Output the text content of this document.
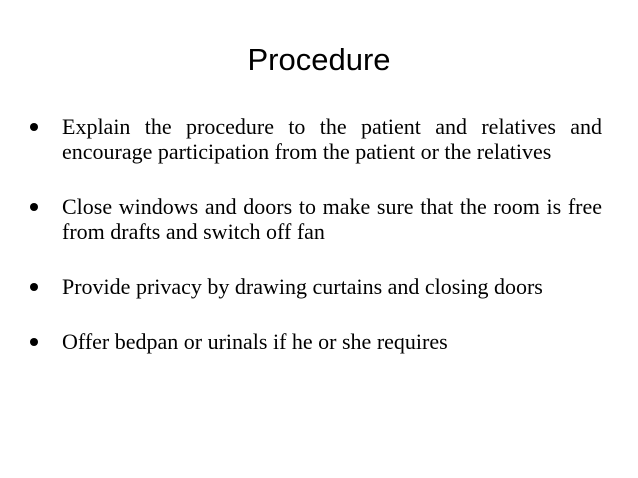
Procedure
Explain the procedure to the patient and relatives and encourage participation from the patient or the relatives
Close windows and doors to make sure that the room is free from drafts and switch off fan
Provide privacy by drawing curtains and closing doors
Offer bedpan or urinals if he or she requires
